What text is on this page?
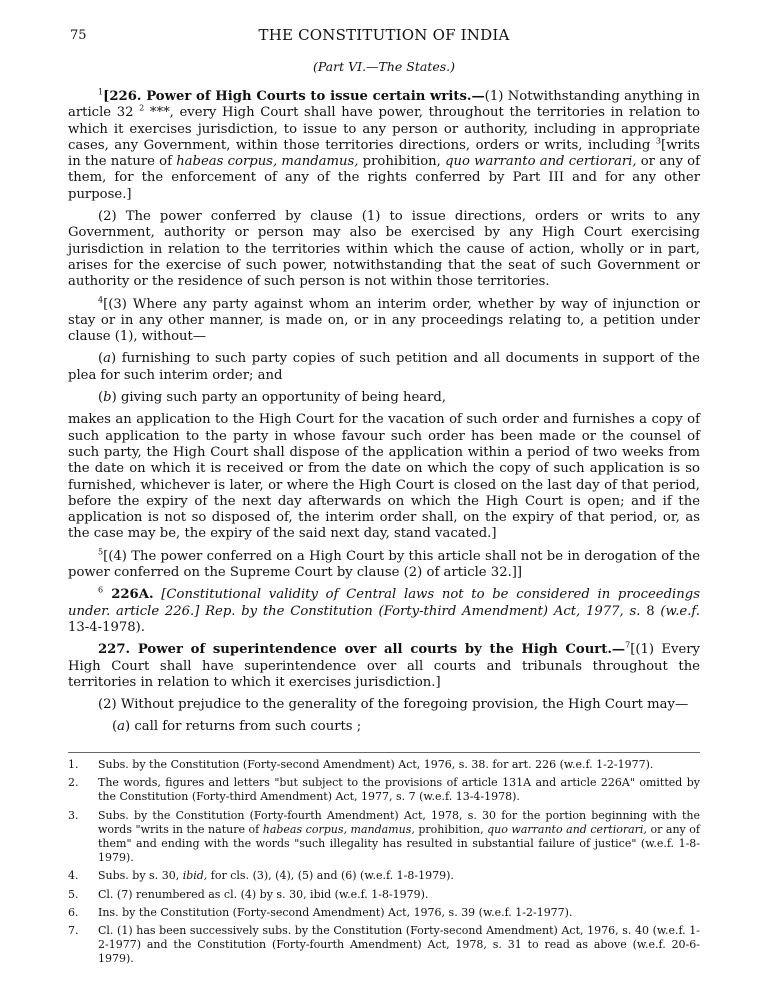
75	THE CONSTITUTION OF INDIA
(Part VI.—The States.)

$^1$[226. Power of High Courts to issue certain writs.—(1) Notwithstanding anything in article 32 $^2$ ***, every High Court shall have power, throughout the territories in relation to which it exercises jurisdiction, to issue to any person or authority, including in appropriate cases, any Government, within those territories directions, orders or writs, including $^3$[writs in the nature of habeas corpus, mandamus, prohibition, quo warranto and certiorari, or any of them, for the enforcement of any of the rights conferred by Part III and for any other purpose.]

(2) The power conferred by clause (1) to issue directions, orders or writs to any Government, authority or person may also be exercised by any High Court exercising jurisdiction in relation to the territories within which the cause of action, wholly or in part, arises for the exercise of such power, notwithstanding that the seat of such Government or authority or the residence of such person is not within those territories.

$^4$[(3) Where any party against whom an interim order, whether by way of injunction or stay or in any other manner, is made on, or in any proceedings relating to, a petition under clause (1), without—

(a) furnishing to such party copies of such petition and all documents in support of the plea for such interim order; and

(b) giving such party an opportunity of being heard,

makes an application to the High Court for the vacation of such order and furnishes a copy of such application to the party in whose favour such order has been made or the counsel of such party, the High Court shall dispose of the application within a period of two weeks from the date on which it is received or from the date on which the copy of such application is so furnished, whichever is later, or where the High Court is closed on the last day of that period, before the expiry of the next day afterwards on which the High Court is open; and if the application is not so disposed of, the interim order shall, on the expiry of that period, or, as the case may be, the expiry of the said next day, stand vacated.]

$^5$[(4) The power conferred on a High Court by this article shall not be in derogation of the power conferred on the Supreme Court by clause (2) of article 32.]]

$^6$ 226A. [Constitutional validity of Central laws not to be considered in proceedings under. article 226.] Rep. by the Constitution (Forty-third Amendment) Act, 1977, s. 8 (w.e.f. 13-4-1978).

227. Power of superintendence over all courts by the High Court.—$^7$[(1) Every High Court shall have superintendence over all courts and tribunals throughout the territories in relation to which it exercises jurisdiction.]

(2) Without prejudice to the generality of the foregoing provision, the High Court may—

(a) call for returns from such courts ;

1.	Subs. by the Constitution (Forty-second Amendment) Act, 1976, s. 38. for art. 226 (w.e.f. 1-2-1977).
2.	The words, figures and letters "but subject to the provisions of article 131A and article 226A" omitted by the Constitution (Forty-third Amendment) Act, 1977, s. 7 (w.e.f. 13-4-1978).
3.	Subs. by the Constitution (Forty-fourth Amendment) Act, 1978, s. 30 for the portion beginning with the words "writs in the nature of habeas corpus, mandamus, prohibition, quo warranto and certiorari, or any of them" and ending with the words "such illegality has resulted in substantial failure of justice" (w.e.f. 1-8-1979).
4.	Subs. by s. 30, ibid, for cls. (3), (4), (5) and (6) (w.e.f. 1-8-1979).
5.	Cl. (7) renumbered as cl. (4) by s. 30, ibid (w.e.f. 1-8-1979).
6.	Ins. by the Constitution (Forty-second Amendment) Act, 1976, s. 39 (w.e.f. 1-2-1977).
7.	Cl. (1) has been successively subs. by the Constitution (Forty-second Amendment) Act, 1976, s. 40 (w.e.f. 1-2-1977) and the Constitution (Forty-fourth Amendment) Act, 1978, s. 31 to read as above (w.e.f. 20-6-1979).
